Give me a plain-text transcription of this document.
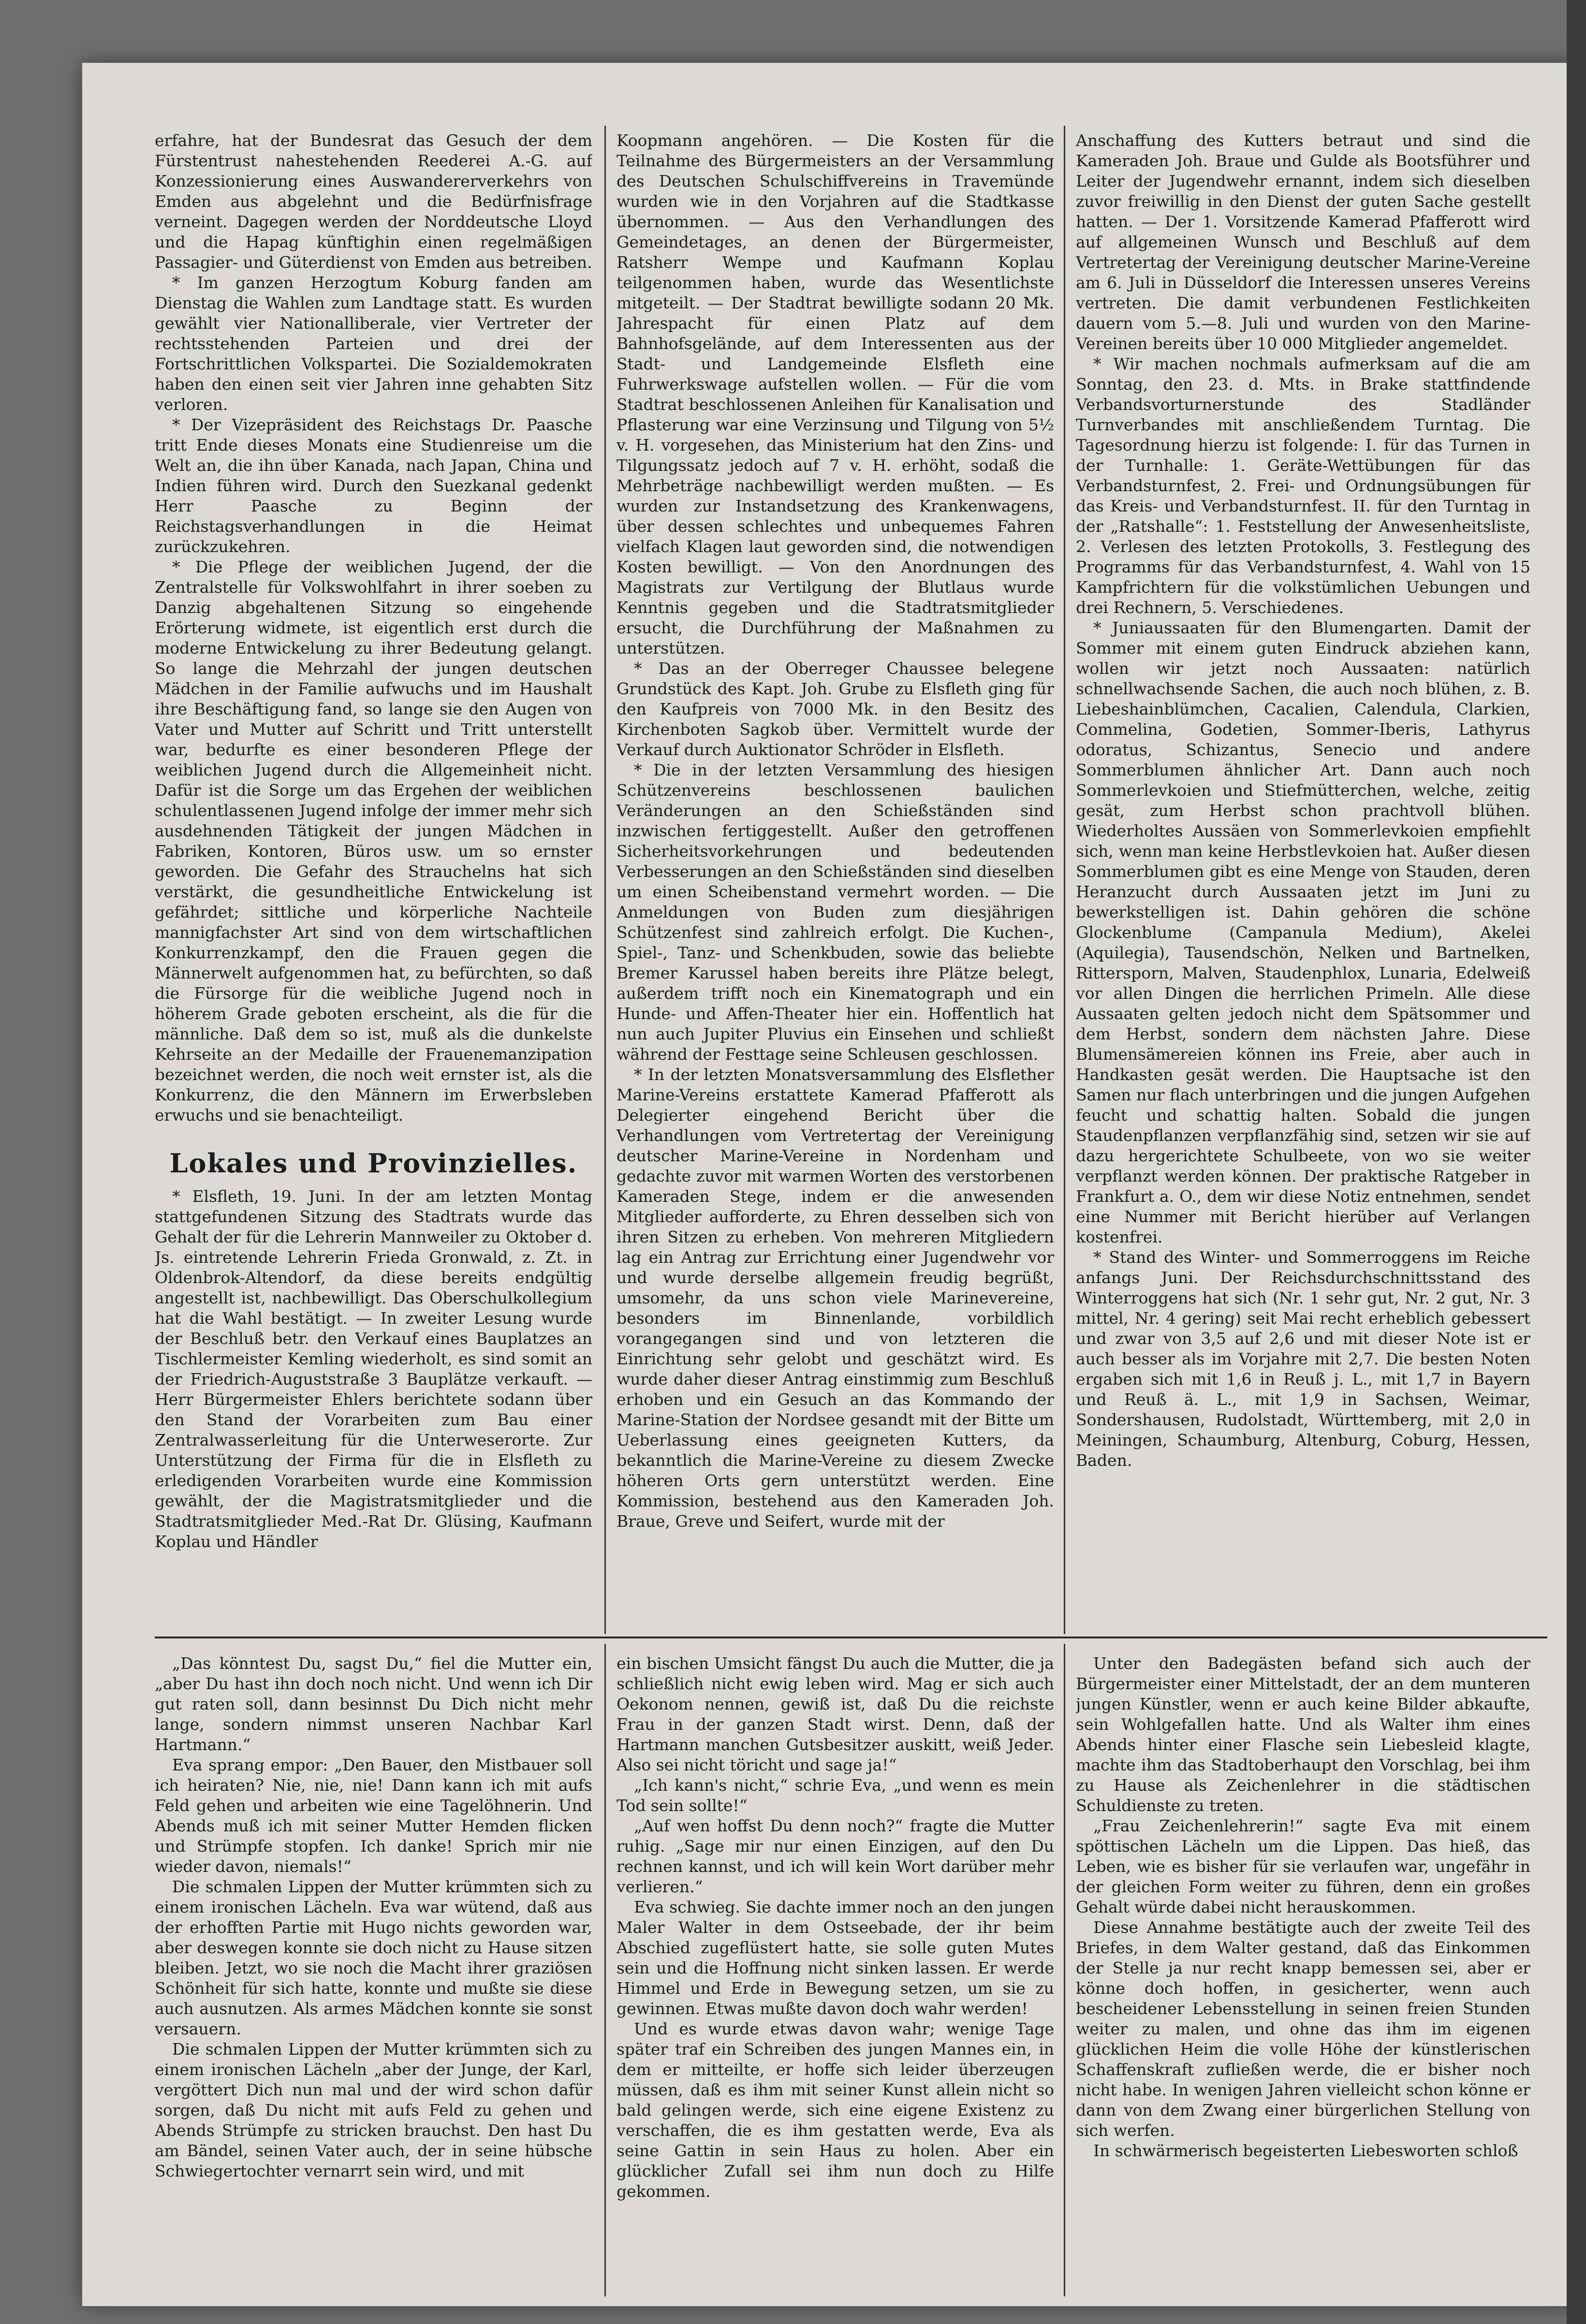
erfahre, hat der Bundesrat das Gesuch der dem Fürstentrust nahestehenden Reederei A.-G. auf Konzessionierung eines Auswandererverkehrs von Emden aus abgelehnt und die Bedürfnisfrage verneint. Dagegen werden der Norddeutsche Lloyd und die Hapag künftighin einen regelmäßigen Passagier- und Güterdienst von Emden aus betreiben.

* Im ganzen Herzogtum Koburg fanden am Dienstag die Wahlen zum Landtage statt. Es wurden gewählt vier Nationalliberale, vier Vertreter der rechtsstehenden Parteien und drei der Fortschrittlichen Volkspartei. Die Sozialdemokraten haben den einen seit vier Jahren inne gehabten Sitz verloren.

* Der Vizepräsident des Reichstags Dr. Paasche tritt Ende dieses Monats eine Studienreise um die Welt an, die ihn über Kanada, nach Japan, China und Indien führen wird. Durch den Suezkanal gedenkt Herr Paasche zu Beginn der Reichstagsverhandlungen in die Heimat zurückzukehren.

* Die Pflege der weiblichen Jugend, der die Zentralstelle für Volkswohlfahrt in ihrer soeben zu Danzig abgehaltenen Sitzung so eingehende Erörterung widmete, ist eigentlich erst durch die moderne Entwickelung zu ihrer Bedeutung gelangt. So lange die Mehrzahl der jungen deutschen Mädchen in der Familie aufwuchs und im Haushalt ihre Beschäftigung fand, so lange sie den Augen von Vater und Mutter auf Schritt und Tritt unterstellt war, bedurfte es einer besonderen Pflege der weiblichen Jugend durch die Allgemeinheit nicht. Dafür ist die Sorge um das Ergehen der weiblichen schulentlassenen Jugend infolge der immer mehr sich ausdehnenden Tätigkeit der jungen Mädchen in Fabriken, Kontoren, Büros usw. um so ernster geworden. Die Gefahr des Strauchelns hat sich verstärkt, die gesundheitliche Entwickelung ist gefährdet; sittliche und körperliche Nachteile mannigfachster Art sind von dem wirtschaftlichen Konkurrenzkampf, den die Frauen gegen die Männerwelt aufgenommen hat, zu befürchten, so daß die Fürsorge für die weibliche Jugend noch in höherem Grade geboten erscheint, als die für die männliche. Daß dem so ist, muß als die dunkelste Kehrseite an der Medaille der Frauenemanzipation bezeichnet werden, die noch weit ernster ist, als die Konkurrenz, die den Männern im Erwerbsleben erwuchs und sie benachteiligt.

Lokales und Provinzielles.

* Elsfleth, 19. Juni. In der am letzten Montag stattgefundenen Sitzung des Stadtrats wurde das Gehalt der für die Lehrerin Mannweiler zu Oktober d. Js. eintretende Lehrerin Frieda Gronwald, z. Zt. in Oldenbrok-Altendorf, da diese bereits endgültig angestellt ist, nachbewilligt. Das Oberschulkollegium hat die Wahl bestätigt. — In zweiter Lesung wurde der Beschluß betr. den Verkauf eines Bauplatzes an Tischlermeister Kemling wiederholt, es sind somit an der Friedrich-Auguststraße 3 Bauplätze verkauft. — Herr Bürgermeister Ehlers berichtete sodann über den Stand der Vorarbeiten zum Bau einer Zentralwasserleitung für die Unterweserorte. Zur Unterstützung der Firma für die in Elsfleth zu erledigenden Vorarbeiten wurde eine Kommission gewählt, der die Magistratsmitglieder und die Stadtratsmitglieder Med.-Rat Dr. Glüsing, Kaufmann Koplau und Händler

Koopmann angehören. — Die Kosten für die Teilnahme des Bürgermeisters an der Versammlung des Deutschen Schulschiffvereins in Travemünde wurden wie in den Vorjahren auf die Stadtkasse übernommen. — Aus den Verhandlungen des Gemeindetages, an denen der Bürgermeister, Ratsherr Wempe und Kaufmann Koplau teilgenommen haben, wurde das Wesentlichste mitgeteilt. — Der Stadtrat bewilligte sodann 20 Mk. Jahrespacht für einen Platz auf dem Bahnhofsgelände, auf dem Interessenten aus der Stadt- und Landgemeinde Elsfleth eine Fuhrwerkswage aufstellen wollen. — Für die vom Stadtrat beschlossenen Anleihen für Kanalisation und Pflasterung war eine Verzinsung und Tilgung von 5½ v. H. vorgesehen, das Ministerium hat den Zins- und Tilgungssatz jedoch auf 7 v. H. erhöht, sodaß die Mehrbeträge nachbewilligt werden mußten. — Es wurden zur Instandsetzung des Krankenwagens, über dessen schlechtes und unbequemes Fahren vielfach Klagen laut geworden sind, die notwendigen Kosten bewilligt. — Von den Anordnungen des Magistrats zur Vertilgung der Blutlaus wurde Kenntnis gegeben und die Stadtratsmitglieder ersucht, die Durchführung der Maßnahmen zu unterstützen.

* Das an der Oberreger Chaussee belegene Grundstück des Kapt. Joh. Grube zu Elsfleth ging für den Kaufpreis von 7000 Mk. in den Besitz des Kirchenboten Sagkob über. Vermittelt wurde der Verkauf durch Auktionator Schröder in Elsfleth.

* Die in der letzten Versammlung des hiesigen Schützenvereins beschlossenen baulichen Veränderungen an den Schießständen sind inzwischen fertiggestellt. Außer den getroffenen Sicherheitsvorkehrungen und bedeutenden Verbesserungen an den Schießständen sind dieselben um einen Scheibenstand vermehrt worden. — Die Anmeldungen von Buden zum diesjährigen Schützenfest sind zahlreich erfolgt. Die Kuchen-, Spiel-, Tanz- und Schenkbuden, sowie das beliebte Bremer Karussel haben bereits ihre Plätze belegt, außerdem trifft noch ein Kinematograph und ein Hunde- und Affen-Theater hier ein. Hoffentlich hat nun auch Jupiter Pluvius ein Einsehen und schließt während der Festtage seine Schleusen geschlossen.

* In der letzten Monatsversammlung des Elsflether Marine-Vereins erstattete Kamerad Pfafferott als Delegierter eingehend Bericht über die Verhandlungen vom Vertretertag der Vereinigung deutscher Marine-Vereine in Nordenham und gedachte zuvor mit warmen Worten des verstorbenen Kameraden Stege, indem er die anwesenden Mitglieder aufforderte, zu Ehren desselben sich von ihren Sitzen zu erheben. Von mehreren Mitgliedern lag ein Antrag zur Errichtung einer Jugendwehr vor und wurde derselbe allgemein freudig begrüßt, umsomehr, da uns schon viele Marinevereine, besonders im Binnenlande, vorbildlich vorangegangen sind und von letzteren die Einrichtung sehr gelobt und geschätzt wird. Es wurde daher dieser Antrag einstimmig zum Beschluß erhoben und ein Gesuch an das Kommando der Marine-Station der Nordsee gesandt mit der Bitte um Ueberlassung eines geeigneten Kutters, da bekanntlich die Marine-Vereine zu diesem Zwecke höheren Orts gern unterstützt werden. Eine Kommission, bestehend aus den Kameraden Joh. Braue, Greve und Seifert, wurde mit der

Anschaffung des Kutters betraut und sind die Kameraden Joh. Braue und Gulde als Bootsführer und Leiter der Jugendwehr ernannt, indem sich dieselben zuvor freiwillig in den Dienst der guten Sache gestellt hatten. — Der 1. Vorsitzende Kamerad Pfafferott wird auf allgemeinen Wunsch und Beschluß auf dem Vertretertag der Vereinigung deutscher Marine-Vereine am 6. Juli in Düsseldorf die Interessen unseres Vereins vertreten. Die damit verbundenen Festlichkeiten dauern vom 5.—8. Juli und wurden von den Marine-Vereinen bereits über 10 000 Mitglieder angemeldet.

* Wir machen nochmals aufmerksam auf die am Sonntag, den 23. d. Mts. in Brake stattfindende Verbandsvorturnerstunde des Stadländer Turnverbandes mit anschließendem Turntag. Die Tagesordnung hierzu ist folgende: I. für das Turnen in der Turnhalle: 1. Geräte-Wettübungen für das Verbandsturnfest, 2. Frei- und Ordnungsübungen für das Kreis- und Verbandsturnfest. II. für den Turntag in der „Ratshalle“: 1. Feststellung der Anwesenheitsliste, 2. Verlesen des letzten Protokolls, 3. Festlegung des Programms für das Verbandsturnfest, 4. Wahl von 15 Kampfrichtern für die volkstümlichen Uebungen und drei Rechnern, 5. Verschiedenes.

* Juniaussaaten für den Blumengarten. Damit der Sommer mit einem guten Eindruck abziehen kann, wollen wir jetzt noch Aussaaten: natürlich schnellwachsende Sachen, die auch noch blühen, z. B. Liebeshainblümchen, Cacalien, Calendula, Clarkien, Commelina, Godetien, Sommer-Iberis, Lathyrus odoratus, Schizantus, Senecio und andere Sommerblumen ähnlicher Art. Dann auch noch Sommerlevkoien und Stiefmütterchen, welche, zeitig gesät, zum Herbst schon prachtvoll blühen. Wiederholtes Aussäen von Sommerlevkoien empfiehlt sich, wenn man keine Herbstlevkoien hat. Außer diesen Sommerblumen gibt es eine Menge von Stauden, deren Heranzucht durch Aussaaten jetzt im Juni zu bewerkstelligen ist. Dahin gehören die schöne Glockenblume (Campanula Medium), Akelei (Aquilegia), Tausendschön, Nelken und Bartnelken, Rittersporn, Malven, Staudenphlox, Lunaria, Edelweiß vor allen Dingen die herrlichen Primeln. Alle diese Aussaaten gelten jedoch nicht dem Spätsommer und dem Herbst, sondern dem nächsten Jahre. Diese Blumensämereien können ins Freie, aber auch in Handkasten gesät werden. Die Hauptsache ist den Samen nur flach unterbringen und die jungen Aufgehen feucht und schattig halten. Sobald die jungen Staudenpflanzen verpflanzfähig sind, setzen wir sie auf dazu hergerichtete Schulbeete, von wo sie weiter verpflanzt werden können. Der praktische Ratgeber in Frankfurt a. O., dem wir diese Notiz entnehmen, sendet eine Nummer mit Bericht hierüber auf Verlangen kostenfrei.

* Stand des Winter- und Sommerroggens im Reiche anfangs Juni. Der Reichsdurchschnittsstand des Winterroggens hat sich (Nr. 1 sehr gut, Nr. 2 gut, Nr. 3 mittel, Nr. 4 gering) seit Mai recht erheblich gebessert und zwar von 3,5 auf 2,6 und mit dieser Note ist er auch besser als im Vorjahre mit 2,7. Die besten Noten ergaben sich mit 1,6 in Reuß j. L., mit 1,7 in Bayern und Reuß ä. L., mit 1,9 in Sachsen, Weimar, Sondershausen, Rudolstadt, Württemberg, mit 2,0 in Meiningen, Schaumburg, Altenburg, Coburg, Hessen, Baden.

„Das könntest Du, sagst Du,“ fiel die Mutter ein, „aber Du hast ihn doch noch nicht. Und wenn ich Dir gut raten soll, dann besinnst Du Dich nicht mehr lange, sondern nimmst unseren Nachbar Karl Hartmann.“

Eva sprang empor: „Den Bauer, den Mistbauer soll ich heiraten? Nie, nie, nie! Dann kann ich mit aufs Feld gehen und arbeiten wie eine Tagelöhnerin. Und Abends muß ich mit seiner Mutter Hemden flicken und Strümpfe stopfen. Ich danke! Sprich mir nie wieder davon, niemals!“

Die schmalen Lippen der Mutter krümmten sich zu einem ironischen Lächeln. Eva war wütend, daß aus der erhofften Partie mit Hugo nichts geworden war, aber deswegen konnte sie doch nicht zu Hause sitzen bleiben. Jetzt, wo sie noch die Macht ihrer graziösen Schönheit für sich hatte, konnte und mußte sie diese auch ausnutzen. Als armes Mädchen konnte sie sonst versauern.

Die schmalen Lippen der Mutter krümmten sich zu einem ironischen Lächeln „aber der Junge, der Karl, vergöttert Dich nun mal und der wird schon dafür sorgen, daß Du nicht mit aufs Feld zu gehen und Abends Strümpfe zu stricken brauchst. Den hast Du am Bändel, seinen Vater auch, der in seine hübsche Schwiegertochter vernarrt sein wird, und mit

ein bischen Umsicht fängst Du auch die Mutter, die ja schließlich nicht ewig leben wird. Mag er sich auch Oekonom nennen, gewiß ist, daß Du die reichste Frau in der ganzen Stadt wirst. Denn, daß der Hartmann manchen Gutsbesitzer auskitt, weiß Jeder. Also sei nicht töricht und sage ja!“

„Ich kann's nicht,“ schrie Eva, „und wenn es mein Tod sein sollte!“

„Auf wen hoffst Du denn noch?“ fragte die Mutter ruhig. „Sage mir nur einen Einzigen, auf den Du rechnen kannst, und ich will kein Wort darüber mehr verlieren.“

Eva schwieg. Sie dachte immer noch an den jungen Maler Walter in dem Ostseebade, der ihr beim Abschied zugeflüstert hatte, sie solle guten Mutes sein und die Hoffnung nicht sinken lassen. Er werde Himmel und Erde in Bewegung setzen, um sie zu gewinnen. Etwas mußte davon doch wahr werden!

Und es wurde etwas davon wahr; wenige Tage später traf ein Schreiben des jungen Mannes ein, in dem er mitteilte, er hoffe sich leider überzeugen müssen, daß es ihm mit seiner Kunst allein nicht so bald gelingen werde, sich eine eigene Existenz zu verschaffen, die es ihm gestatten werde, Eva als seine Gattin in sein Haus zu holen. Aber ein glücklicher Zufall sei ihm nun doch zu Hilfe gekommen.

Unter den Badegästen befand sich auch der Bürgermeister einer Mittelstadt, der an dem munteren jungen Künstler, wenn er auch keine Bilder abkaufte, sein Wohlgefallen hatte. Und als Walter ihm eines Abends hinter einer Flasche sein Liebesleid klagte, machte ihm das Stadtoberhaupt den Vorschlag, bei ihm zu Hause als Zeichenlehrer in die städtischen Schuldienste zu treten.

„Frau Zeichenlehrerin!“ sagte Eva mit einem spöttischen Lächeln um die Lippen. Das hieß, das Leben, wie es bisher für sie verlaufen war, ungefähr in der gleichen Form weiter zu führen, denn ein großes Gehalt würde dabei nicht herauskommen.

Diese Annahme bestätigte auch der zweite Teil des Briefes, in dem Walter gestand, daß das Einkommen der Stelle ja nur recht knapp bemessen sei, aber er könne doch hoffen, in gesicherter, wenn auch bescheidener Lebensstellung in seinen freien Stunden weiter zu malen, und ohne das ihm im eigenen glücklichen Heim die volle Höhe der künstlerischen Schaffenskraft zufließen werde, die er bisher noch nicht habe. In wenigen Jahren vielleicht schon könne er dann von dem Zwang einer bürgerlichen Stellung von sich werfen.

In schwärmerisch begeisterten Liebesworten schloß
